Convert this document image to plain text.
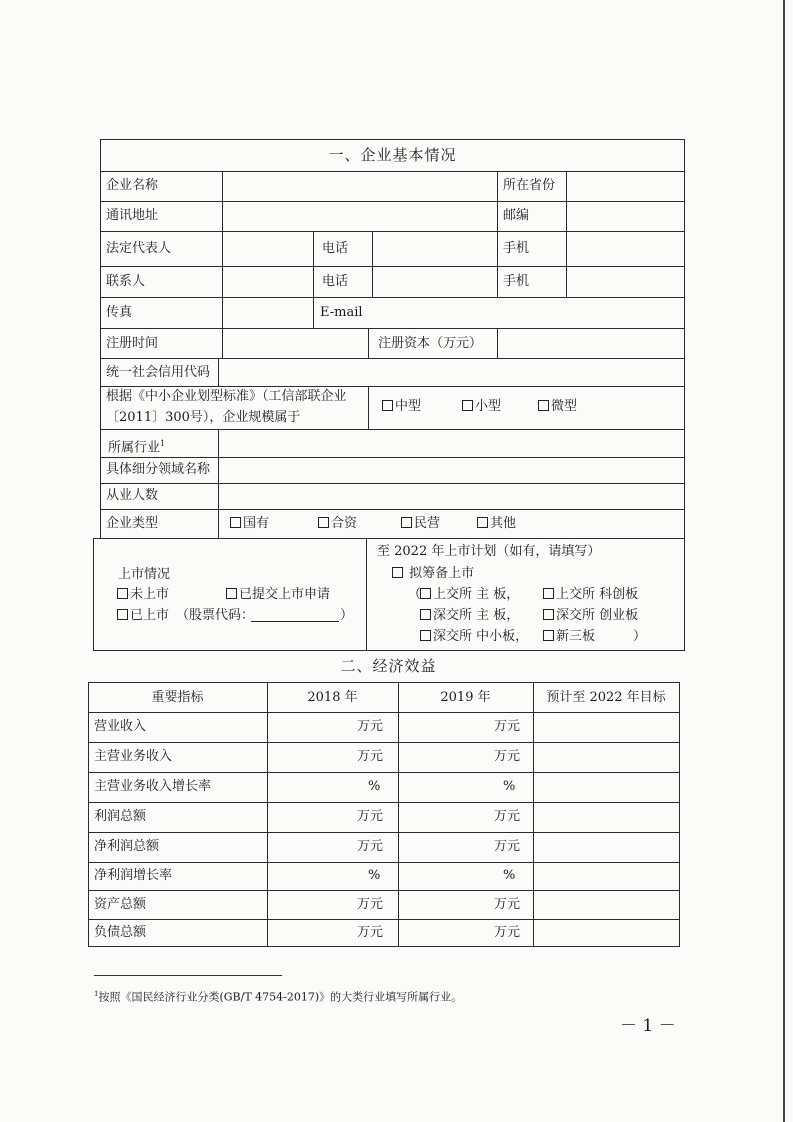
一、企业基本情况
企业名称	所在省份
通讯地址	邮编
法定代表人	电话	手机
联系人	电话	手机
传真	E-mail
注册时间	注册资本（万元）
统一社会信用代码
根据《中小企业划型标准》（工信部联企业
〔2011〕300号），企业规模属于
中型	小型	微型
所属行业$^1$
具体细分领域名称
从业人数
企业类型	国有	合资	民营	其他
上市情况
未上市	已提交上市申请
已上市 （股票代码：	）
至 2022 年上市计划（如有，请填写）
拟筹备上市
（ 上交所 主 板，	上交所 科创板
深交所 主 板，	深交所 创业板
深交所 中小板，	新三板	）
二、经济效益
重要指标	2018 年	2019 年	预计至 2022 年目标
营业收入	万元	万元
主营业务收入	万元	万元
主营业务收入增长率	%	%
利润总额	万元	万元
净利润总额	万元	万元
净利润增长率	%	%
资产总额	万元	万元
负债总额	万元	万元
$^1$按照《国民经济行业分类(GB/T 4754-2017)》的大类行业填写所属行业。
－ 1 －
